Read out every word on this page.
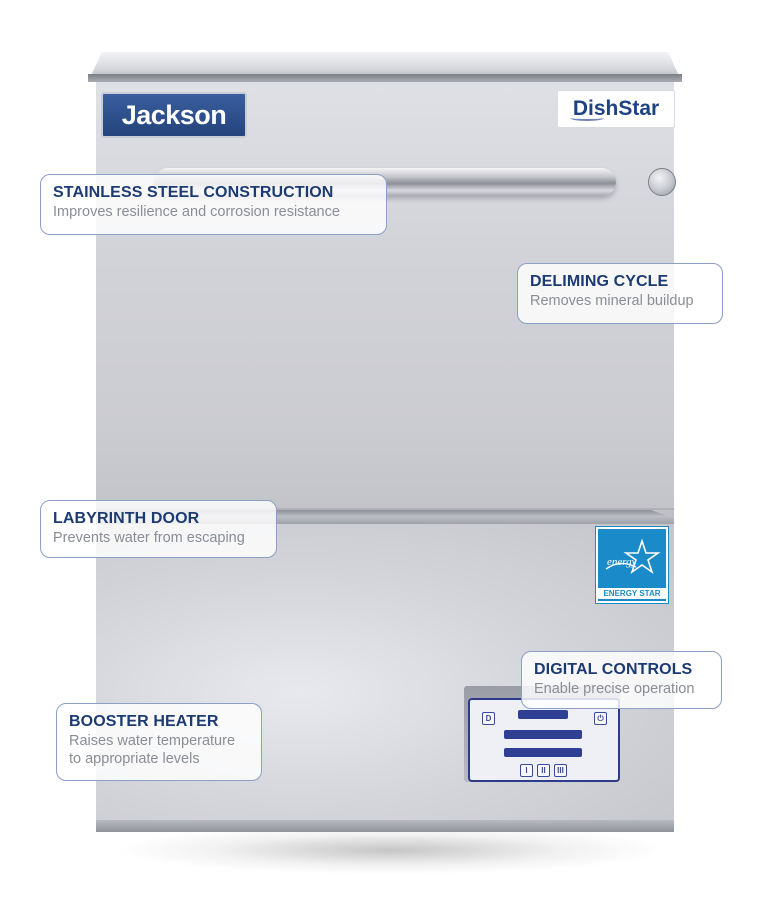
Jackson	DishStar
energy
ENERGY STAR
D	⏻
I	II	III
STAINLESS STEEL CONSTRUCTION
Improves resilience and corrosion resistance
DELIMING CYCLE
Removes mineral buildup
LABYRINTH DOOR
Prevents water from escaping
DIGITAL CONTROLS
Enable precise operation
BOOSTER HEATER
Raises water temperature
to appropriate levels
